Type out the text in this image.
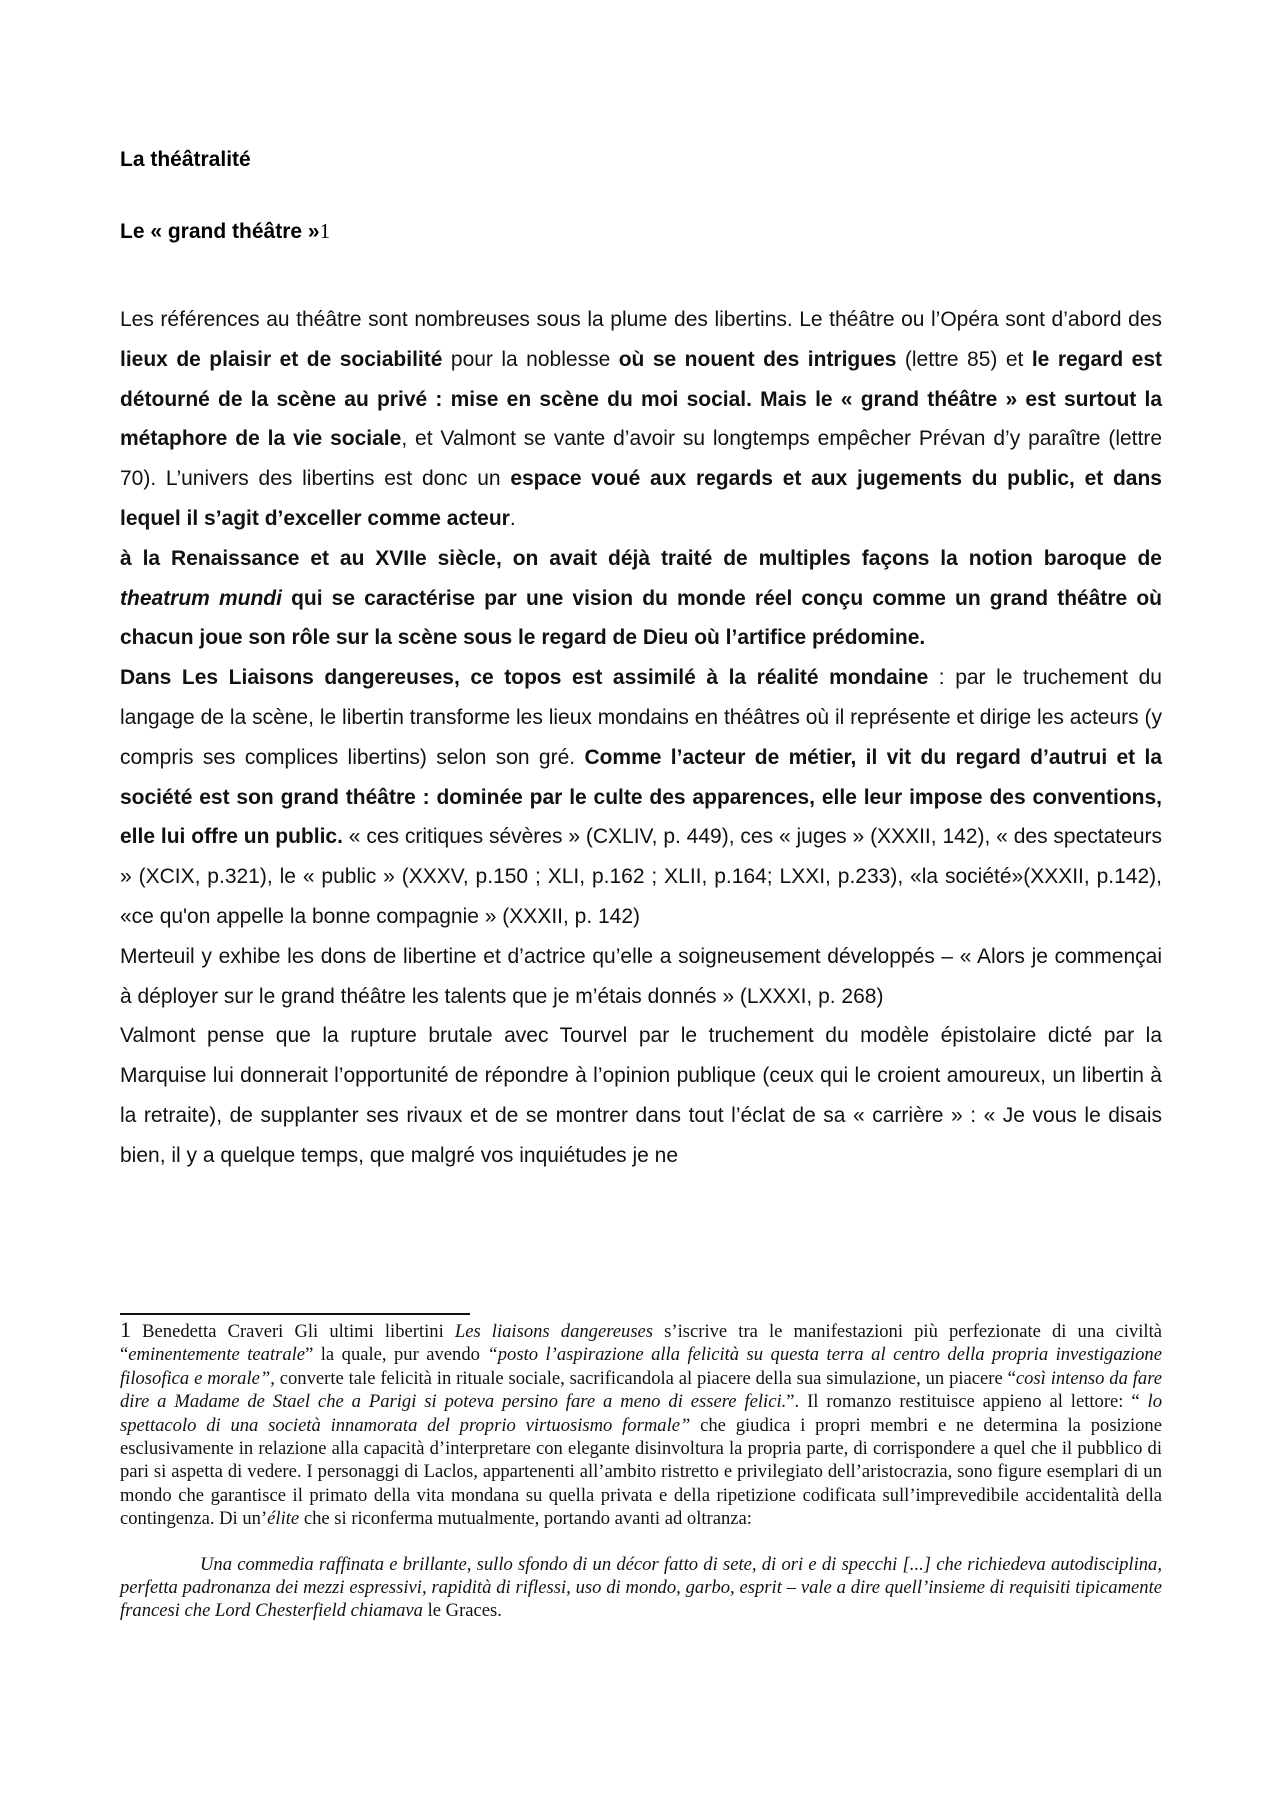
La théâtralité
Le « grand théâtre »1

Les références au théâtre sont nombreuses sous la plume des libertins. Le théâtre ou l’Opéra sont d’abord des lieux de plaisir et de sociabilité pour la noblesse où se nouent des intrigues (lettre 85) et le regard est détourné de la scène au privé : mise en scène du moi social. Mais le « grand théâtre » est surtout la métaphore de la vie sociale, et Valmont se vante d’avoir su longtemps empêcher Prévan d’y paraître (lettre 70). L’univers des libertins est donc un espace voué aux regards et aux jugements du public, et dans lequel il s’agit d’exceller comme acteur.

à la Renaissance et au XVIIe siècle, on avait déjà traité de multiples façons la notion baroque de theatrum mundi qui se caractérise par une vision du monde réel conçu comme un grand théâtre où chacun joue son rôle sur la scène sous le regard de Dieu où l’artifice prédomine.

Dans Les Liaisons dangereuses, ce topos est assimilé à la réalité mondaine : par le truchement du langage de la scène, le libertin transforme les lieux mondains en théâtres où il représente et dirige les acteurs (y compris ses complices libertins) selon son gré. Comme l’acteur de métier, il vit du regard d’autrui et la société est son grand théâtre : dominée par le culte des apparences, elle leur impose des conventions, elle lui offre un public. « ces critiques sévères » (CXLIV, p. 449), ces « juges » (XXXII, 142), « des spectateurs » (XCIX, p.321), le « public » (XXXV, p.150 ; XLI, p.162 ; XLII, p.164; LXXI, p.233), «la société»(XXXII, p.142), «ce qu'on appelle la bonne compagnie » (XXXII, p. 142)

Merteuil y exhibe les dons de libertine et d’actrice qu’elle a soigneusement développés – « Alors je commençai à déployer sur le grand théâtre les talents que je m’étais donnés » (LXXXI, p. 268)

Valmont pense que la rupture brutale avec Tourvel par le truchement du modèle épistolaire dicté par la Marquise lui donnerait l’opportunité de répondre à l’opinion publique (ceux qui le croient amoureux, un libertin à la retraite), de supplanter ses rivaux et de se montrer dans tout l’éclat de sa « carrière » : « Je vous le disais bien, il y a quelque temps, que malgré vos inquiétudes je ne

1 Benedetta Craveri Gli ultimi libertini Les liaisons dangereuses s’iscrive tra le manifestazioni più perfezionate di una civiltà “eminentemente teatrale” la quale, pur avendo “posto l’aspirazione alla felicità su questa terra al centro della propria investigazione filosofica e morale”, converte tale felicità in rituale sociale, sacrificandola al piacere della sua simulazione, un piacere “così intenso da fare dire a Madame de Stael che a Parigi si poteva persino fare a meno di essere felici.”. Il romanzo restituisce appieno al lettore: “ lo spettacolo di una società innamorata del proprio virtuosismo formale” che giudica i propri membri e ne determina la posizione esclusivamente in relazione alla capacità d’interpretare con elegante disinvoltura la propria parte, di corrispondere a quel che il pubblico di pari si aspetta di vedere. I personaggi di Laclos, appartenenti all’ambito ristretto e privilegiato dell’aristocrazia, sono figure esemplari di un mondo che garantisce il primato della vita mondana su quella privata e della ripetizione codificata sull’imprevedibile accidentalità della contingenza. Di un’élite che si riconferma mutualmente, portando avanti ad oltranza:

Una commedia raffinata e brillante, sullo sfondo di un décor fatto di sete, di ori e di specchi [...] che richiedeva autodisciplina, perfetta padronanza dei mezzi espressivi, rapidità di riflessi, uso di mondo, garbo, esprit – vale a dire quell’insieme di requisiti tipicamente francesi che Lord Chesterfield chiamava le Graces.
